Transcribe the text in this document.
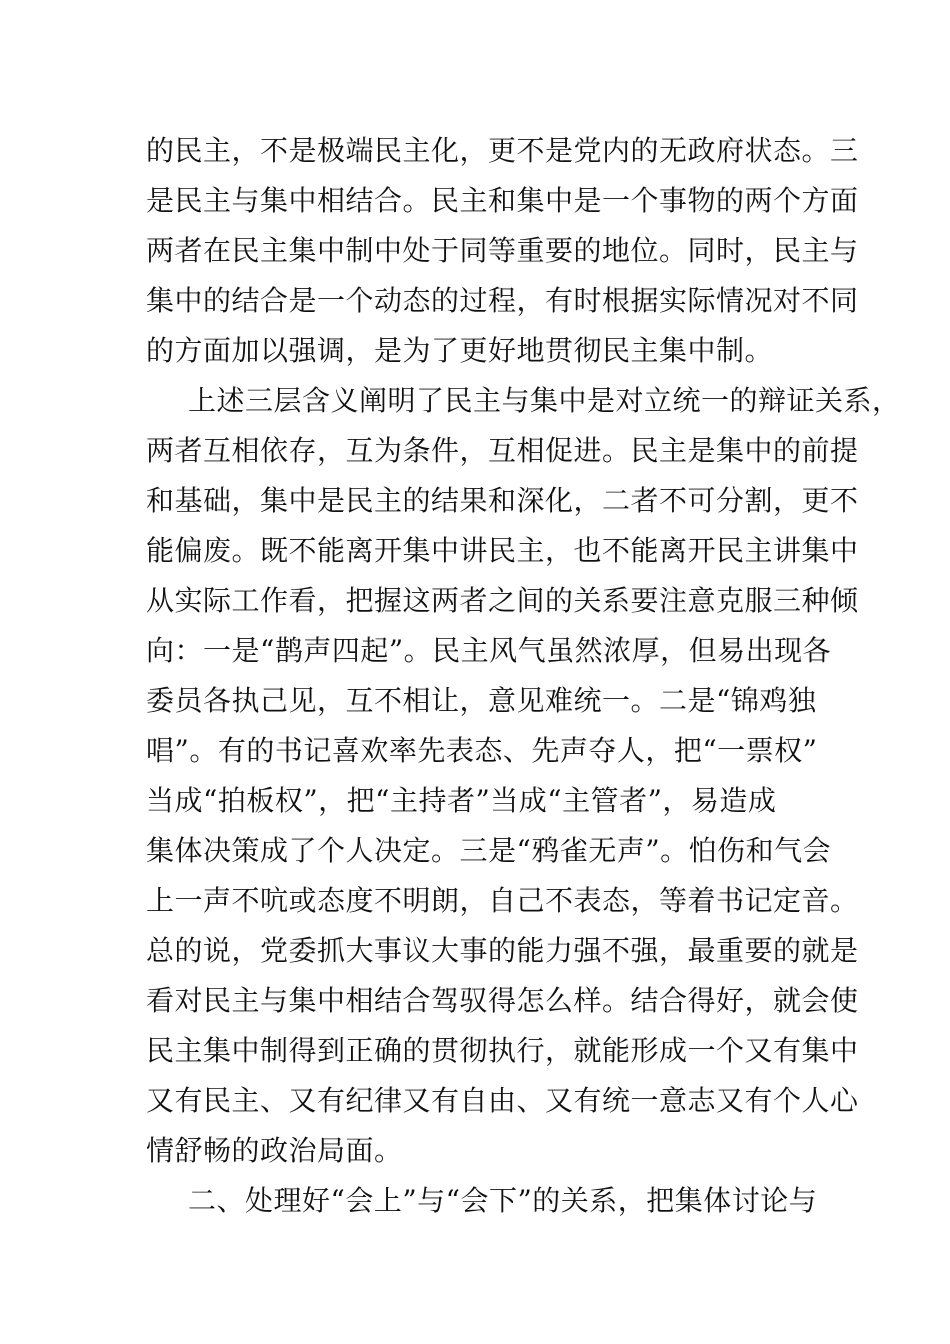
的民主，不是极端民主化，更不是党内的无政府状态。三
是民主与集中相结合。民主和集中是一个事物的两个方面
两者在民主集中制中处于同等重要的地位。同时，民主与
集中的结合是一个动态的过程，有时根据实际情况对不同
的方面加以强调，是为了更好地贯彻民主集中制。
上述三层含义阐明了民主与集中是对立统一的辩证关系，
两者互相依存，互为条件，互相促进。民主是集中的前提
和基础，集中是民主的结果和深化，二者不可分割，更不
能偏废。既不能离开集中讲民主，也不能离开民主讲集中
从实际工作看，把握这两者之间的关系要注意克服三种倾
向：一是“鹊声四起”。民主风气虽然浓厚，但易出现各
委员各执己见，互不相让，意见难统一。二是“锦鸡独
唱”。有的书记喜欢率先表态、先声夺人，把“一票权”
当成“拍板权”，把“主持者”当成“主管者”，易造成
集体决策成了个人决定。三是“鸦雀无声”。怕伤和气会
上一声不吭或态度不明朗，自己不表态，等着书记定音。
总的说，党委抓大事议大事的能力强不强，最重要的就是
看对民主与集中相结合驾驭得怎么样。结合得好，就会使
民主集中制得到正确的贯彻执行，就能形成一个又有集中
又有民主、又有纪律又有自由、又有统一意志又有个人心
情舒畅的政治局面。
二、处理好“会上”与“会下”的关系，把集体讨论与
